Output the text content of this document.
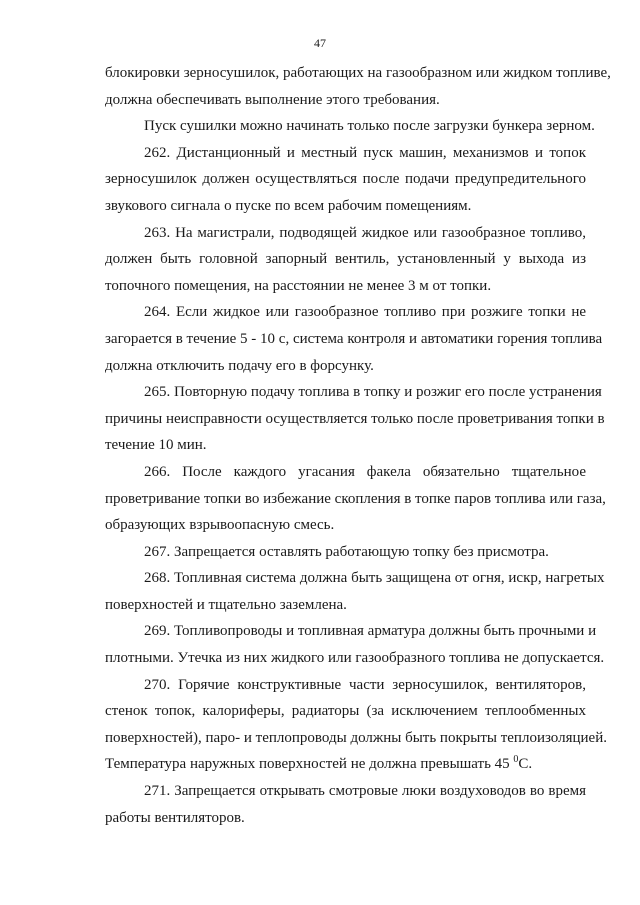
47
блокировки зерносушилок, работающих на газообразном или жидком топливе,
должна обеспечивать выполнение этого требования.
Пуск сушилки можно начинать только после загрузки бункера зерном.
262. Дистанционный и местный пуск машин, механизмов и топок
зерносушилок должен осуществляться после подачи предупредительного
звукового сигнала о пуске по всем рабочим помещениям.
263. На магистрали, подводящей жидкое или газообразное топливо,
должен быть головной запорный вентиль, установленный у выхода из
топочного помещения, на расстоянии не менее 3 м от топки.
264. Если жидкое или газообразное топливо при розжиге топки не
загорается в течение 5 - 10 с, система контроля и автоматики горения топлива
должна отключить подачу его в форсунку.
265. Повторную подачу топлива в топку и розжиг его после устранения
причины неисправности осуществляется только после проветривания топки в
течение 10 мин.
266. После каждого угасания факела обязательно тщательное
проветривание топки во избежание скопления в топке паров топлива или газа,
образующих взрывоопасную смесь.
267. Запрещается оставлять работающую топку без присмотра.
268. Топливная система должна быть защищена от огня, искр, нагретых
поверхностей и тщательно заземлена.
269. Топливопроводы и топливная арматура должны быть прочными и
плотными. Утечка из них жидкого или газообразного топлива не допускается.
270. Горячие конструктивные части зерносушилок, вентиляторов,
стенок топок, калориферы, радиаторы (за исключением теплообменных
поверхностей), паро- и теплопроводы должны быть покрыты теплоизоляцией.
Температура наружных поверхностей не должна превышать 45 $^0$С.
271. Запрещается открывать смотровые люки воздуховодов во время
работы вентиляторов.
